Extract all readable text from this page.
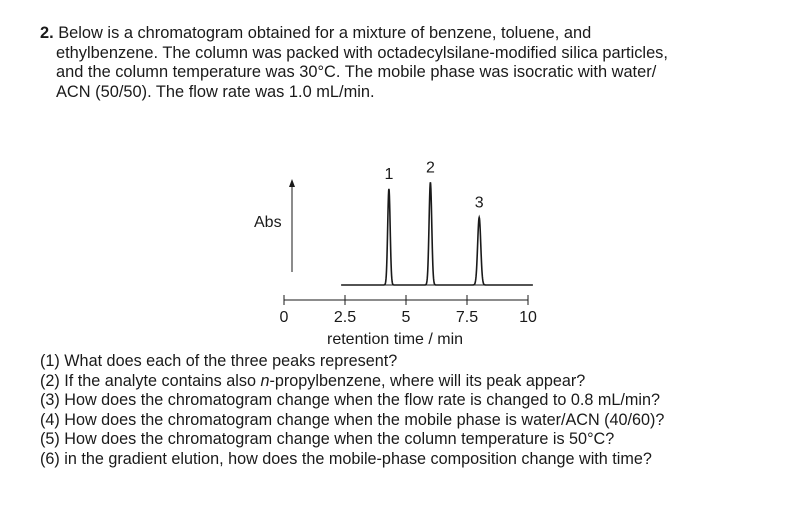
2. Below is a chromatogram obtained for a mixture of benzene, toluene, and
ethylbenzene. The column was packed with octadecylsilane-modified silica particles,
and the column temperature was 30°C. The mobile phase was isocratic with water/
ACN (50/50). The flow rate was 1.0 mL/min.
Abs
0	2.5	5	7.5	10
1 2
3
retention time / min
(1) What does each of the three peaks represent?
(2) If the analyte contains also n-propylbenzene, where will its peak appear?
(3) How does the chromatogram change when the flow rate is changed to 0.8 mL/min?
(4) How does the chromatogram change when the mobile phase is water/ACN (40/60)?
(5) How does the chromatogram change when the column temperature is 50°C?
(6) in the gradient elution, how does the mobile-phase composition change with time?
